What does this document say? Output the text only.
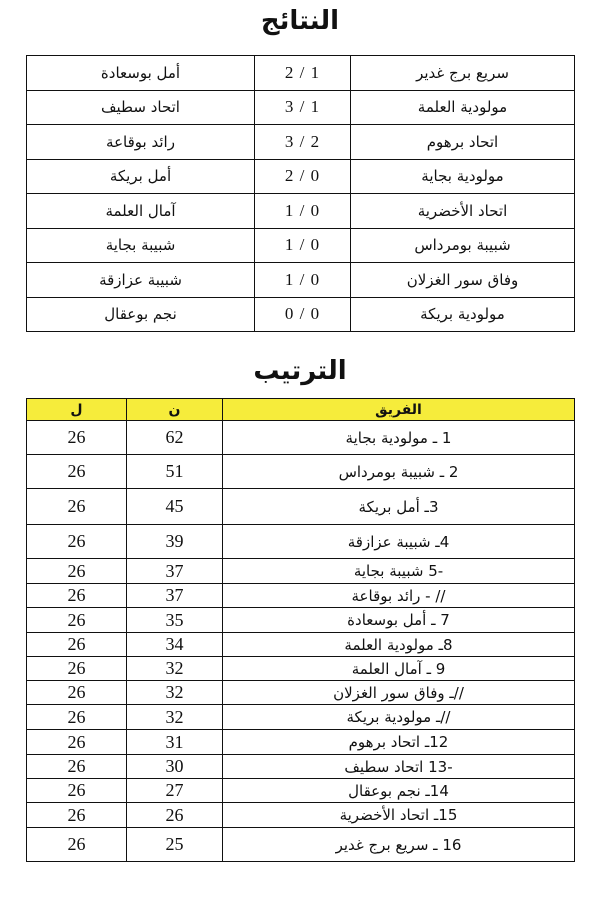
النتائج
أمل بوسعادة	2 / 1	سريع برج غدير
اتحاد سطيف	3 / 1	مولودية العلمة
رائد بوقاعة	3 / 2	اتحاد برهوم
أمل بريكة	2 / 0	مولودية بجاية
آمال العلمة	1 / 0	اتحاد الأخضرية
شبيبة بجاية	1 / 0	شبيبة بومرداس
شبيبة عزازقة	1 / 0	وفاق سور الغزلان
نجم بوعقال	0 / 0	مولودية بريكة
الترتيب
ل	ن	الفريق
26	62	1 ـ مولودية بجاية
26	51	2 ـ شبيبة بومرداس
26	45	3ـ أمل بريكة
26	39	4ـ شبيبة عزازقة
26	37	-5 شبيبة بجاية
26	37	// - رائد بوقاعة
26	35	7 ـ أمل بوسعادة
26	34	8ـ مولودية العلمة
26	32	9 ـ آمال العلمة
26	32	//ـ وفاق سور الغزلان
26	32	//ـ مولودية بريكة
26	31	12ـ اتحاد برهوم
26	30	-13 اتحاد سطيف
26	27	14ـ نجم بوعقال
26	26	15ـ اتحاد الأخضرية
26	25	16 ـ سريع برج غدير
